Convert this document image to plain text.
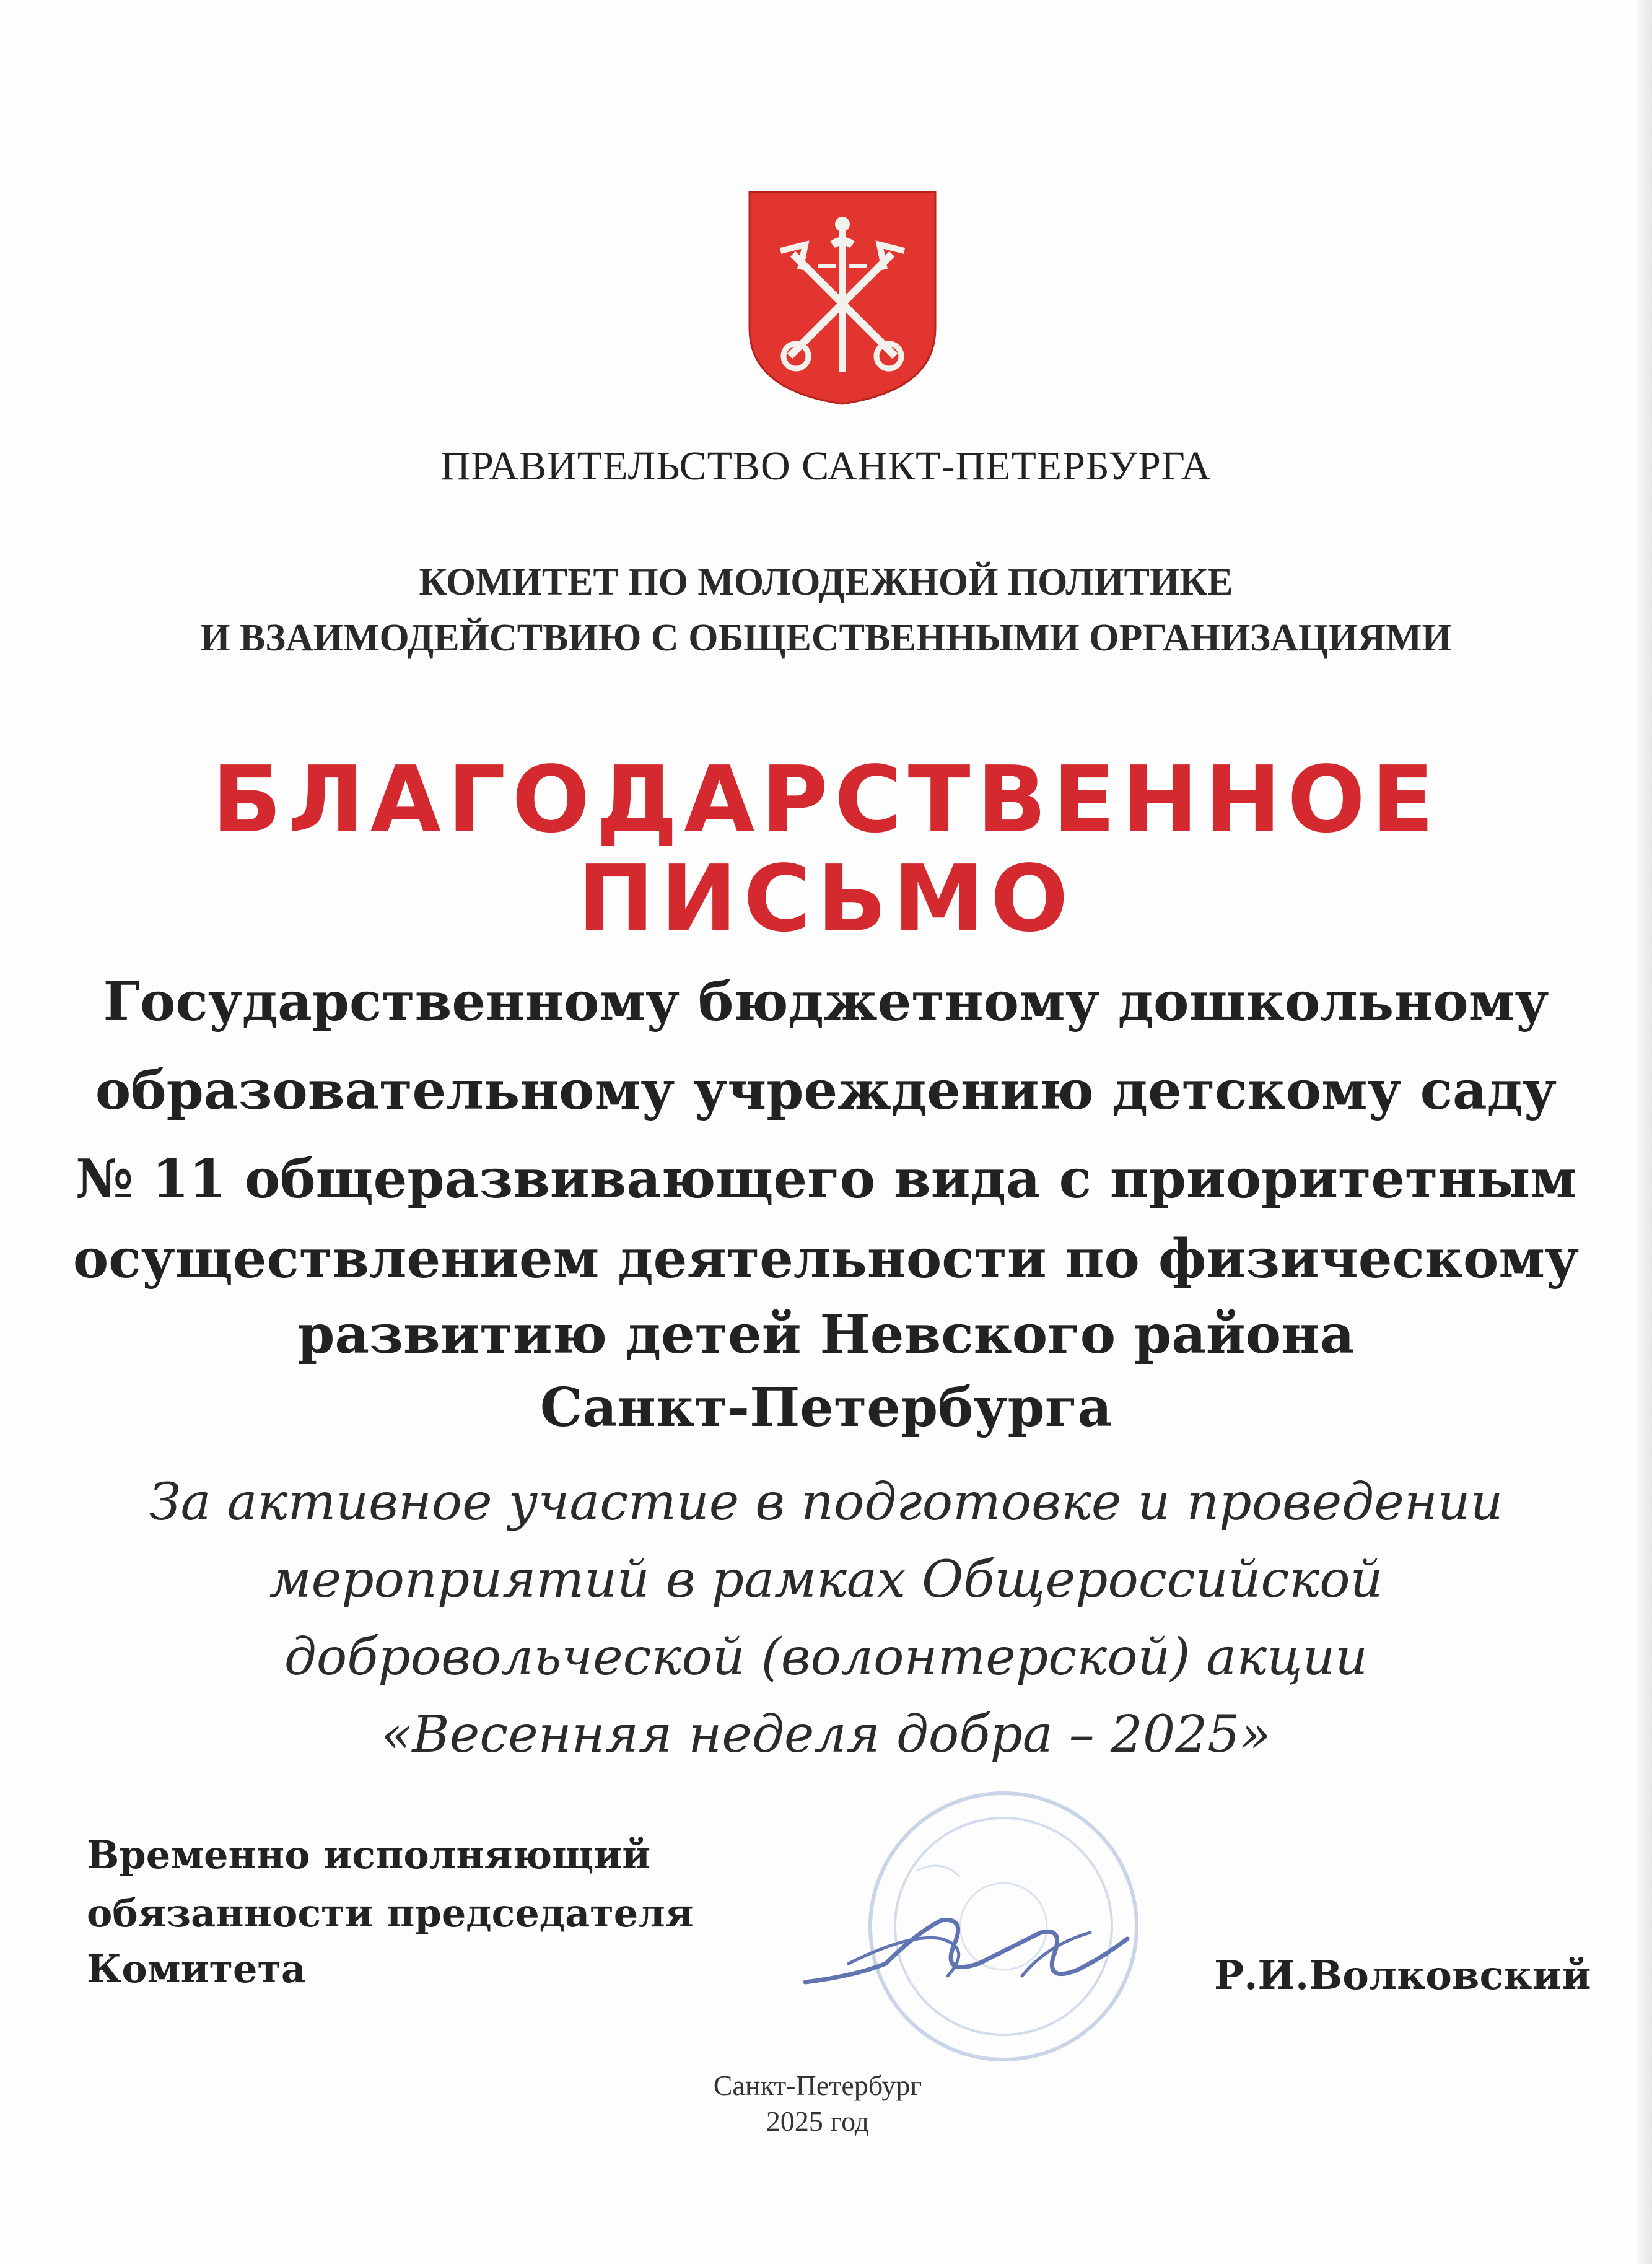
ПРАВИТЕЛЬСТВО САНКТ-ПЕТЕРБУРГА
КОМИТЕТ ПО МОЛОДЕЖНОЙ ПОЛИТИКЕ
И ВЗАИМОДЕЙСТВИЮ С ОБЩЕСТВЕННЫМИ ОРГАНИЗАЦИЯМИ
БЛАГОДАРСТВЕННОЕ
ПИСЬМО
Государственному бюджетному дошкольному
образовательному учреждению детскому саду
№ 11 общеразвивающего вида с приоритетным
осуществлением деятельности по физическому
развитию детей Невского района
Санкт-Петербурга
За активное участие в подготовке и проведении
мероприятий в рамках Общероссийской
добровольческой (волонтерской) акции
«Весенняя неделя добра – 2025»
Временно исполняющий
обязанности председателя
Комитета	Р.И.Волковский
Санкт-Петербург
2025 год
